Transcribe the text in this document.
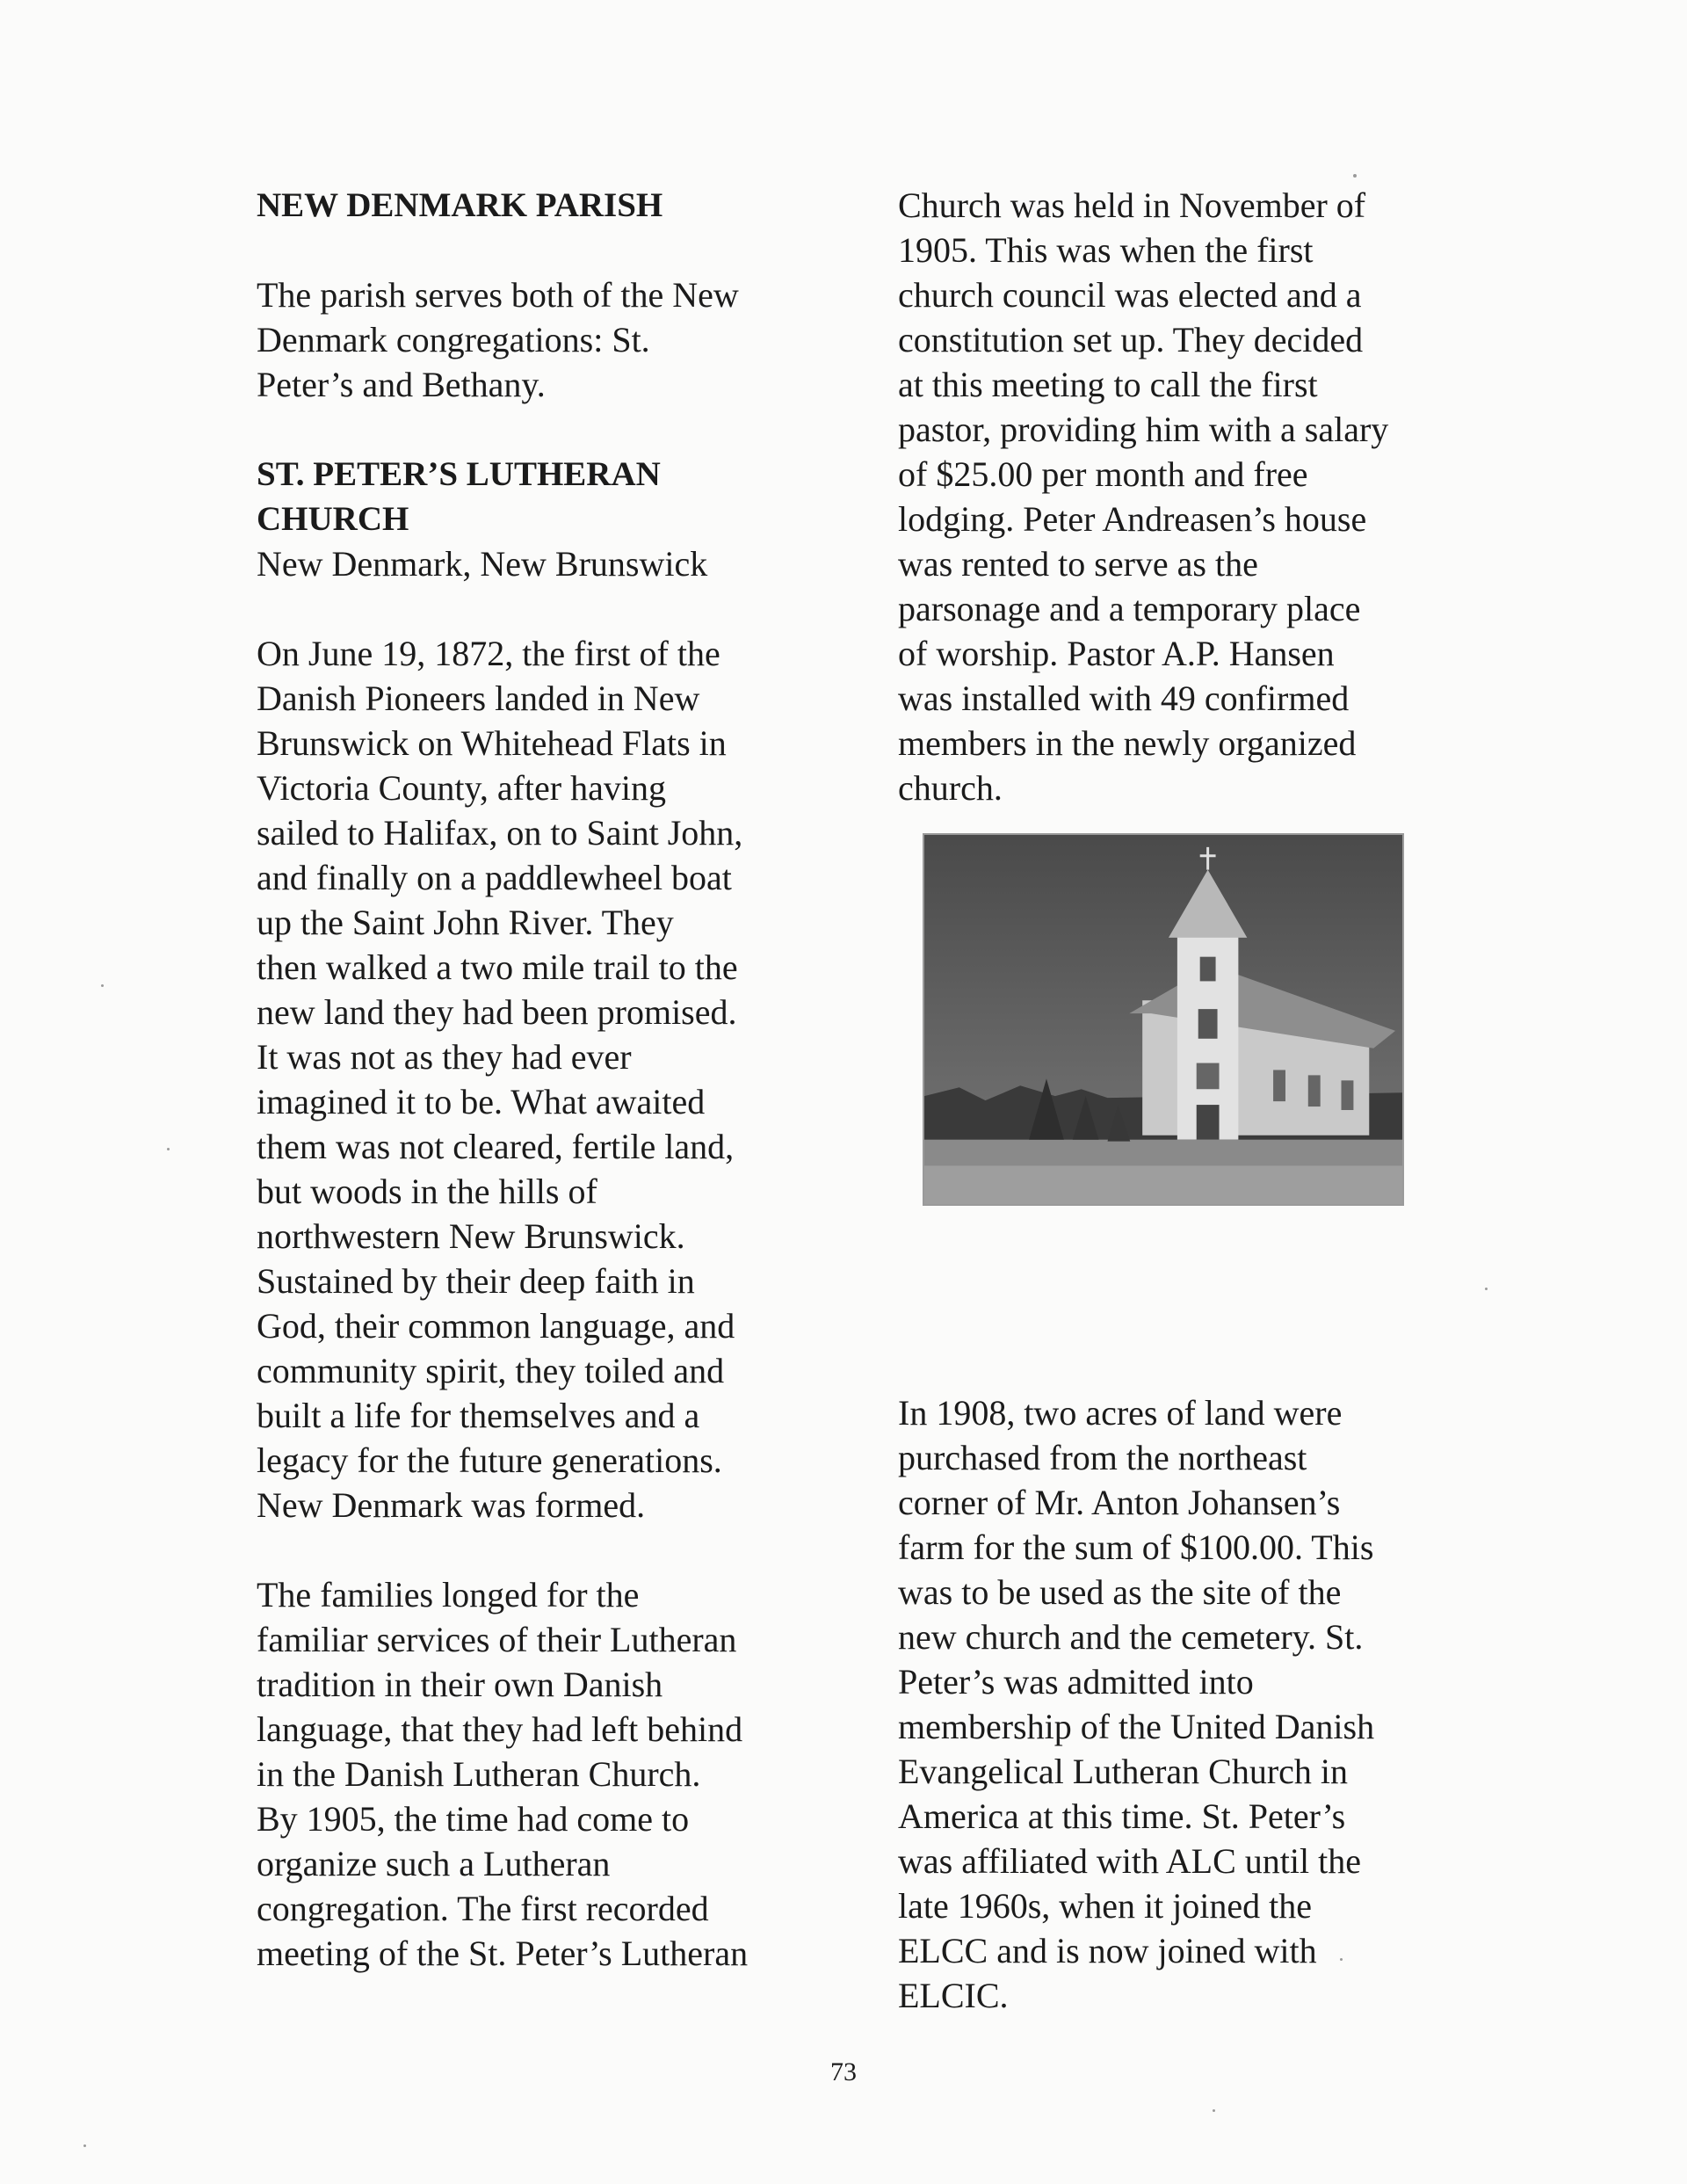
NEW DENMARK PARISH
The parish serves both of the New
Denmark congregations: St.
Peter’s and Bethany.
ST. PETER’S LUTHERAN
CHURCH
New Denmark, New Brunswick
On June 19, 1872, the first of the
Danish Pioneers landed in New
Brunswick on Whitehead Flats in
Victoria County, after having
sailed to Halifax, on to Saint John,
and finally on a paddlewheel boat
up the Saint John River. They
then walked a two mile trail to the
new land they had been promised.
It was not as they had ever
imagined it to be. What awaited
them was not cleared, fertile land,
but woods in the hills of
northwestern New Brunswick.
Sustained by their deep faith in
God, their common language, and
community spirit, they toiled and
built a life for themselves and a
legacy for the future generations.
New Denmark was formed.
The families longed for the
familiar services of their Lutheran
tradition in their own Danish
language, that they had left behind
in the Danish Lutheran Church.
By 1905, the time had come to
organize such a Lutheran
congregation. The first recorded
meeting of the St. Peter’s Lutheran
Church was held in November of
1905. This was when the first
church council was elected and a
constitution set up. They decided
at this meeting to call the first
pastor, providing him with a salary
of $25.00 per month and free
lodging. Peter Andreasen’s house
was rented to serve as the
parsonage and a temporary place
of worship. Pastor A.P. Hansen
was installed with 49 confirmed
members in the newly organized
church.
In 1908, two acres of land were
purchased from the northeast
corner of Mr. Anton Johansen’s
farm for the sum of $100.00. This
was to be used as the site of the
new church and the cemetery. St.
Peter’s was admitted into
membership of the United Danish
Evangelical Lutheran Church in
America at this time. St. Peter’s
was affiliated with ALC until the
late 1960s, when it joined the
ELCC and is now joined with
ELCIC.
73
